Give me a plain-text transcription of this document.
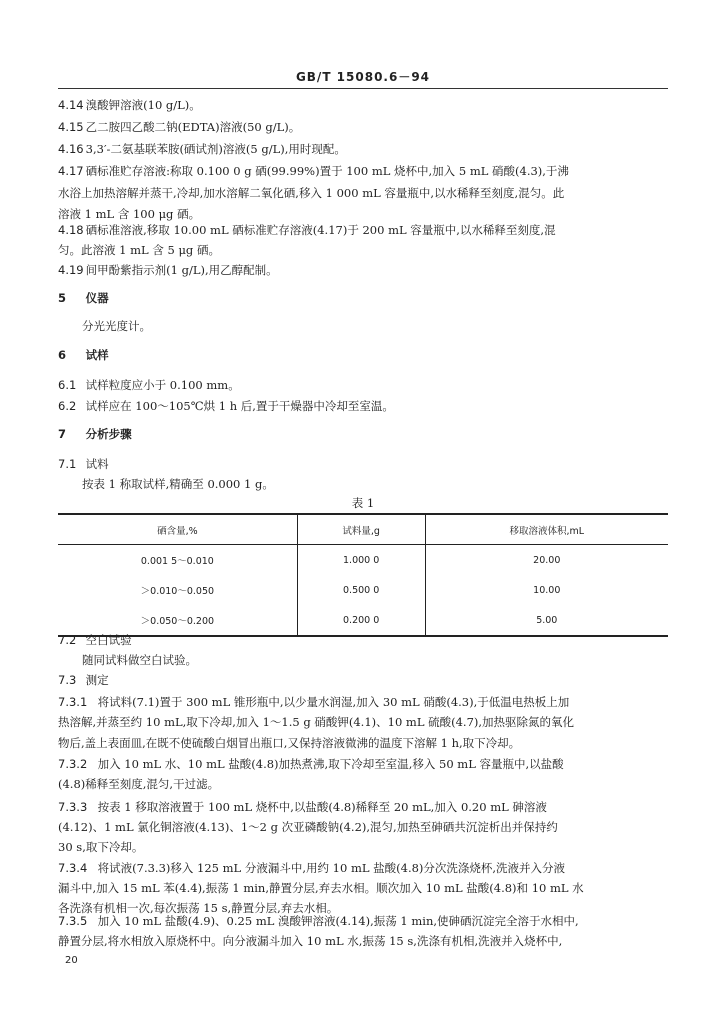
GB/T 15080.6－94
4.14 溴酸钾溶液(10 g/L)。
4.15 乙二胺四乙酸二钠(EDTA)溶液(50 g/L)。
4.16 3,3′-二氨基联苯胺(硒试剂)溶液(5 g/L),用时现配。
4.17 硒标准贮存溶液:称取 0.100 0 g 硒(99.99%)置于 100 mL 烧杯中,加入 5 mL 硝酸(4.3),于沸
水浴上加热溶解并蒸干,冷却,加水溶解二氧化硒,移入 1 000 mL 容量瓶中,以水稀释至刻度,混匀。此
溶液 1 mL 含 100 μg 硒。
4.18 硒标准溶液,移取 10.00 mL 硒标准贮存溶液(4.17)于 200 mL 容量瓶中,以水稀释至刻度,混
匀。此溶液 1 mL 含 5 μg 硒。
4.19 间甲酚紫指示剂(1 g/L),用乙醇配制。
5 仪器
分光光度计。
6 试样
6.1 试样粒度应小于 0.100 mm。
6.2 试样应在 100～105℃烘 1 h 后,置于干燥器中冷却至室温。
7 分析步骤
7.1 试料
按表 1 称取试样,精确至 0.000 1 g。
表 1
硒含量,%	试料量,g	移取溶液体积,mL
0.001 5～0.010	1.000 0	20.00
＞0.010～0.050	0.500 0	10.00
＞0.050～0.200	0.200 0	5.00
7.2 空白试验
随同试料做空白试验。
7.3 测定
7.3.1 将试料(7.1)置于 300 mL 锥形瓶中,以少量水润湿,加入 30 mL 硝酸(4.3),于低温电热板上加
热溶解,并蒸至约 10 mL,取下冷却,加入 1～1.5 g 硝酸钾(4.1)、10 mL 硫酸(4.7),加热驱除氮的氧化
物后,盖上表面皿,在既不使硫酸白烟冒出瓶口,又保持溶液微沸的温度下溶解 1 h,取下冷却。
7.3.2 加入 10 mL 水、10 mL 盐酸(4.8)加热煮沸,取下冷却至室温,移入 50 mL 容量瓶中,以盐酸
(4.8)稀释至刻度,混匀,干过滤。
7.3.3 按表 1 移取溶液置于 100 mL 烧杯中,以盐酸(4.8)稀释至 20 mL,加入 0.20 mL 砷溶液
(4.12)、1 mL 氯化铜溶液(4.13)、1～2 g 次亚磷酸钠(4.2),混匀,加热至砷硒共沉淀析出并保持约
30 s,取下冷却。
7.3.4 将试液(7.3.3)移入 125 mL 分液漏斗中,用约 10 mL 盐酸(4.8)分次洗涤烧杯,洗液并入分液
漏斗中,加入 15 mL 苯(4.4),振荡 1 min,静置分层,弃去水相。顺次加入 10 mL 盐酸(4.8)和 10 mL 水
各洗涤有机相一次,每次振荡 15 s,静置分层,弃去水相。
7.3.5 加入 10 mL 盐酸(4.9)、0.25 mL 溴酸钾溶液(4.14),振荡 1 min,使砷硒沉淀完全溶于水相中,
静置分层,将水相放入原烧杯中。向分液漏斗加入 10 mL 水,振荡 15 s,洗涤有机相,洗液并入烧杯中,
20
